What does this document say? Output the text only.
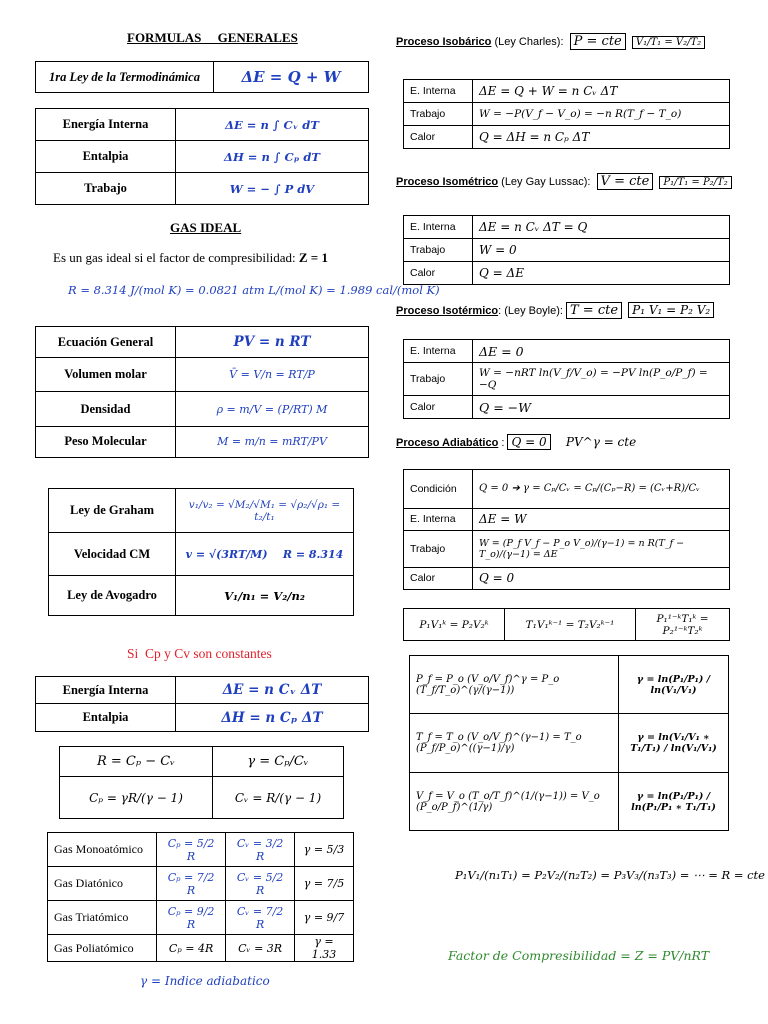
FORMULAS     GENERALES
1ra Ley de la Termodinámica	ΔE = Q + W
Energía Interna	ΔE = n ∫ Cᵥ dT
Entalpia	ΔH = n ∫ Cₚ dT
Trabajo	W = − ∫ P dV
GAS IDEAL
Es un gas ideal si el factor de compresibilidad: Z = 1
R = 8.314 J/(mol K) = 0.0821 atm L/(mol K) = 1.989 cal/(mol K)
Ecuación General	PV = n RT
Volumen molar	V̄ = V/n = RT/P
Densidad	ρ = m/V = (P/RT) M
Peso Molecular	M = m/n = mRT/PV
Ley de Graham	v₁/v₂ = √M₂/√M₁ = √ρ₂/√ρ₁ = t₂/t₁
Velocidad CM	v = √(3RT/M) R = 8.314
Ley de Avogadro	V₁/n₁ = V₂/n₂
Si  Cp y Cv son constantes
Energía Interna	ΔE = n Cᵥ ΔT
Entalpia	ΔH = n Cₚ ΔT
R = Cₚ − Cᵥ	γ = Cₚ/Cᵥ
Cₚ = γR/(γ − 1)	Cᵥ = R/(γ − 1)
Gas Monoatómico	Cₚ = 5/2 R	Cᵥ = 3/2 R	γ = 5/3
Gas Diatónico	Cₚ = 7/2 R	Cᵥ = 5/2 R	γ = 7/5
Gas Triatómico	Cₚ = 9/2 R	Cᵥ = 7/2 R	γ = 9/7
Gas Poliatómico	Cₚ = 4R	Cᵥ = 3R	γ = 1.33
γ = Indice adiabatico
Proceso Isobárico (Ley Charles): P = cte V₁/T₁ = V₂/T₂
E. Interna	ΔE = Q + W = n Cᵥ ΔT
Trabajo	W = −P(V_f − V_o) = −n R(T_f − T_o)
Calor	Q = ΔH = n Cₚ ΔT
Proceso Isométrico (Ley Gay Lussac): V = cte P₁/T₁ = P₂/T₂
E. Interna	ΔE = n Cᵥ ΔT = Q
Trabajo	W = 0
Calor	Q = ΔE
Proceso Isotérmico: (Ley Boyle): T = cte P₁ V₁ = P₂ V₂
E. Interna	ΔE = 0
Trabajo	W = −nRT ln(V_f/V_o) = −PV ln(P_o/P_f) = −Q
Calor	Q = −W
Proceso Adiabático : Q = 0 PV^γ = cte
Condición	Q = 0 ➔ γ = Cₚ/Cᵥ = Cₚ/(Cₚ−R) = (Cᵥ+R)/Cᵥ
E. Interna	ΔE = W
Trabajo	W = (P_f V_f − P_o V_o)/(γ−1) = n R(T_f − T_o)/(γ−1) = ΔE
Calor	Q = 0
P₁V₁ᵏ = P₂V₂ᵏ	T₁V₁ᵏ⁻¹ = T₂V₂ᵏ⁻¹	P₁¹⁻ᵏT₁ᵏ = P₂¹⁻ᵏT₂ᵏ
P_f = P_o (V_o/V_f)^γ = P_o (T_f/T_o)^(γ/(γ−1))	γ = ln(P₁/P₁) / ln(V₁/V₁)
T_f = T_o (V_o/V_f)^(γ−1) = T_o (P_f/P_o)^((γ−1)/γ)	γ = ln(V₁/V₁ ∗ T₁/T₁) / ln(V₁/V₁)
V_f = V_o (T_o/T_f)^(1/(γ−1)) = V_o (P_o/P_f)^(1/γ)	γ = ln(P₁/P₁) / ln(P₁/P₁ ∗ T₁/T₁)
P₁V₁/(n₁T₁) = P₂V₂/(n₂T₂) = P₃V₃/(n₃T₃) = ⋯ = R = cte
Factor de Compresibilidad = Z = PV/nRT
